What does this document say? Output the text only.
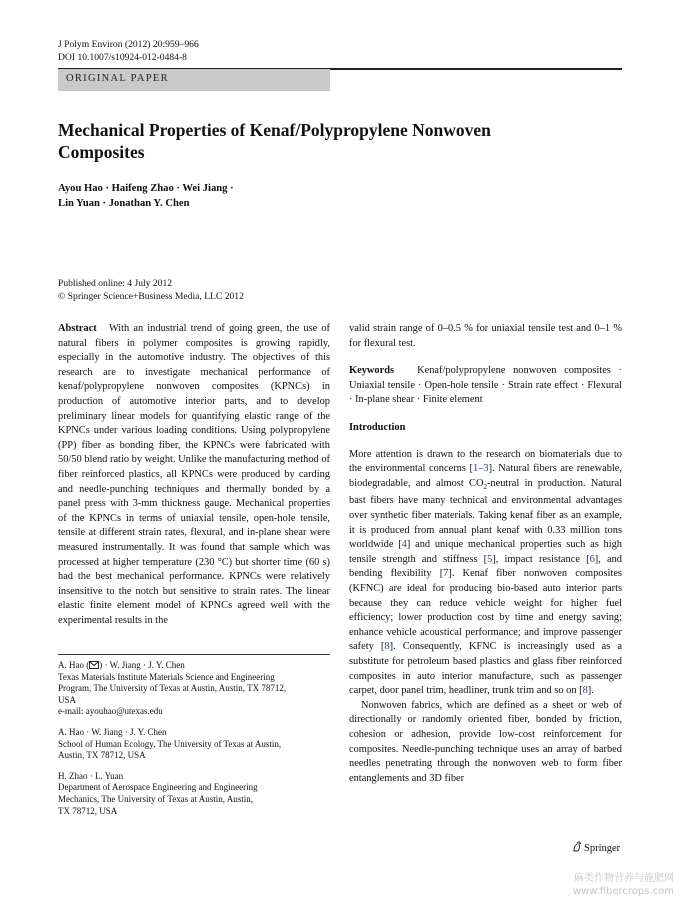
J Polym Environ (2012) 20:959–966
DOI 10.1007/s10924-012-0484-8
ORIGINAL PAPER
Mechanical Properties of Kenaf/Polypropylene Nonwoven
Composites
Ayou Hao · Haifeng Zhao · Wei Jiang ·
Lin Yuan · Jonathan Y. Chen
Published online: 4 July 2012
© Springer Science+Business Media, LLC 2012

Abstract With an industrial trend of going green, the use of natural fibers in polymer composites is growing rapidly, especially in the automotive industry. The objectives of this research are to investigate mechanical performance of kenaf/polypropylene nonwoven composites (KPNCs) in production of automotive interior parts, and to develop preliminary linear models for quantifying elastic range of the KPNCs under various loading conditions. Using polypropylene (PP) fiber as bonding fiber, the KPNCs were fabricated with 50/50 blend ratio by weight. Unlike the manufacturing method of fiber reinforced plastics, all KPNCs were produced by carding and needle-punching techniques and thermally bonded by a panel press with 3-mm thickness gauge. Mechanical properties of the KPNCs in terms of uniaxial tensile, open-hole tensile, tensile at different strain rates, flexural, and in-plane shear were measured instrumentally. It was found that sample which was processed at higher temperature (230 °C) but shorter time (60 s) had the best mechanical performance. KPNCs were relatively insensitive to the notch but sensitive to strain rates. The linear elastic finite element model of KPNCs agreed well with the experimental results in the

A. Hao ( ) · W. Jiang · J. Y. Chen
Texas Materials Institute Materials Science and Engineering
Program, The University of Texas at Austin, Austin, TX 78712,
USA
e-mail: ayouhao@utexas.edu

A. Hao · W. Jiang · J. Y. Chen
School of Human Ecology, The University of Texas at Austin,
Austin, TX 78712, USA

H. Zhao · L. Yuan
Department of Aerospace Engineering and Engineering
Mechanics, The University of Texas at Austin, Austin,
TX 78712, USA

valid strain range of 0–0.5 % for uniaxial tensile test and 0–1 % for flexural test.

Keywords Kenaf/polypropylene nonwoven composites · Uniaxial tensile · Open-hole tensile · Strain rate effect · Flexural · In-plane shear · Finite element

Introduction

More attention is drawn to the research on biomaterials due to the environmental concerns [1–3]. Natural fibers are renewable, biodegradable, and almost $CO_2$-neutral in production. Natural bast fibers have many technical and environmental advantages over synthetic fiber materials. Taking kenaf fiber as an example, it is produced from annual plant kenaf with 0.33 million tons worldwide [4] and unique mechanical properties such as high tensile strength and stiffness [5], impact resistance [6], and bending flexibility [7]. Kenaf fiber nonwoven composites (KFNC) are ideal for producing bio-based auto interior parts because they can reduce vehicle weight for higher fuel efficiency; lower production cost by time and energy saving; enhance vehicle acoustical performance; and improve passenger safety [8]. Consequently, KFNC is increasingly used as a substitute for petroleum based plastics and glass fiber reinforced composites in auto interior manufacture, such as passenger carpet, door panel trim, headliner, trunk trim and so on [8].

Nonwoven fabrics, which are defined as a sheet or web of directionally or randomly oriented fiber, bonded by friction, cohesion or adhesion, provide low-cost reinforcement for composites. Needle-punching technique uses an array of barbed needles penetrating through the nonwoven web to form fiber entanglements and 3D fiber

Springer
麻类作物营养与施肥网
www.fibercrops.com
